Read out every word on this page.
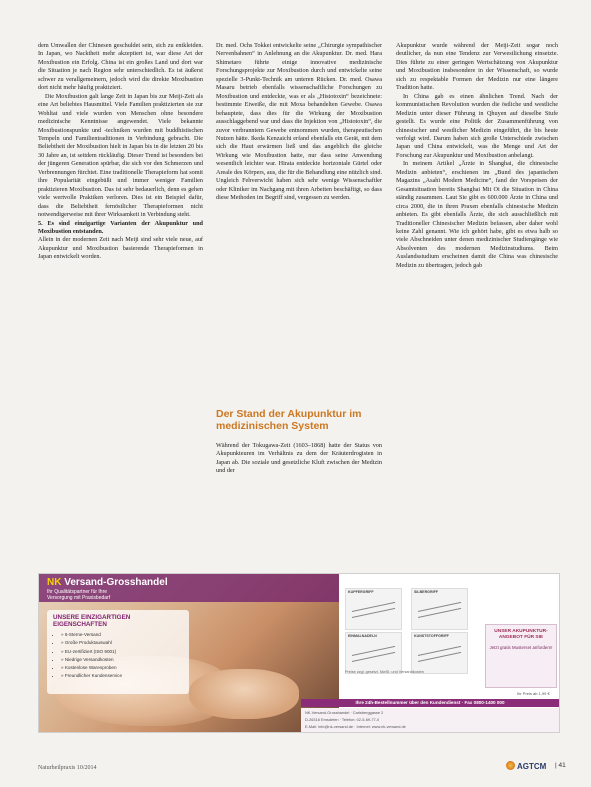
dem Umwallen der Chinesen geschuldet sein, sich zu entkleiden. In Japan, wo Nacktheit mehr akzeptiert ist, war diese Art der Moxibustion ein Erfolg. China ist ein großes Land und dort war die Situation je nach Region sehr unterschiedlich. Es ist äußerst schwer zu verallgemeinern, jedoch wird die direkte Moxibustion dort nicht mehr häufig praktiziert.

Die Moxibustion galt lange Zeit in Japan bis zur Meiji-Zeit als eine Art beliebtes Hausmittel. Viele Familien praktizierten sie zur Wohltat und viele wurden von Menschen ohne besondere medizinische Kenntnisse angewendet. Viele bekannte Moxibustionspunkte und -techniken wurden mit buddhistischen Tempeln und Familientraditionen in Verbindung gebracht. Die Beliebtheit der Moxibustion hielt in Japan bis in die letzten 20 bis 30 Jahre an, ist seitdem rückläufig. Dieser Trend ist besonders bei der jüngeren Generation spürbar, die sich vor den Schmerzen und Verbrennungen fürchtet. Eine traditionelle Therapieform hat somit ihre Popularität eingebüßt und immer weniger Familien praktizieren Moxibustion. Das ist sehr bedauerlich, denn es gehen viele wertvolle Praktiken verloren. Dies ist ein Beispiel dafür, dass die Beliebtheit fernöstlicher Therapieformen nicht notwendigerweise mit ihrer Wirksamkeit in Verbindung steht.

5. Es sind einzigartige Varianten der Akupunktur und Moxibustion entstanden.

Allein in der modernen Zeit nach Meiji sind sehr viele neue, auf Akupunktur und Moxibustion basierende Therapieformen in Japan entwickelt worden.

Dr. med. Ochs Tokkei entwickelte seine „Chirurgie sympathischer Nervenbahnen“ in Anlehnung an die Akupunktur. Dr. med. Hara Shimetaro führte einige innovative medizinische Forschungsprojekte zur Moxibustion durch und entwickelte seine spezielle 3-Punkt-Technik am unteren Rücken. Dr. med. Osawa Masaru betrieb ebenfalls wissenschaftliche Forschungen zu Moxibustion und entdeckte, was er als „Histotoxin“ bezeichnete: bestimmte Eiweiße, die mit Moxa behandelten Gewebe. Osawa behauptete, dass dies für die Wirkung der Moxibustion ausschlaggebend war und dass die Injektion von „Histotoxin“, die zuvor verbranntem Gewebe entnommen wurden, therapeutischen Nutzen hätte. Ikeda Kenzaichi erfand ebenfalls ein Gerät, mit dem sich die Haut erwärmen ließ und das angeblich die gleiche Wirkung wie Moxibustion hatte, nur dass seine Anwendung wesentlich leichter war. Hirata entdeckte horizontale Gürtel oder Areale des Körpers, aus, die für die Behandlung eine nützlich sind. Ungleich Fehverwicht haben sich sehr wenige Wissenschaftler oder Kliniker im Nachgang mit ihren Arbeiten beschäftigt, so dass diese Methoden im Begriff sind, vergessen zu werden.

Der Stand der Akupunktur im medizinischen System

Während der Tokugawa-Zeit (1603–1868) hatte der Status von Akupunkteuren im Verhältnis zu dem der Kräuterdrogisten in Japan ab. Die soziale und gesetzliche Kluft zwischen der Medizin und der

Akupunktur wurde während der Meiji-Zeit sogar noch deutlicher, da nun eine Tendenz zur Verwestlichung einsetzte. Dies führte zu einer geringen Wertschätzung von Akupunktur und Moxibustion insbesondere in der Wissenschaft, so wurde sich zu respektable Formen der Medizin nur eine längere Tradition hatte.

In China gab es einen ähnlichen Trend. Nach der kommunistischen Revolution wurden die östliche und westliche Medizin unter dieser Führung in Qhuyen auf dieselbe Stufe gestellt. Es wurde eine Politik der Zusammenführung von chinesischer und westlicher Medizin eingeführt, die bis heute verfolgt wird. Darum haben sich große Unterschiede zwischen Japan und China entwickelt, was die Menge und Art der Forschung zur Akupunktur und Moxibustion anbelangt.

In meinem Artikel „Ärzte in Shanghai, die chinesische Medizin anbieten“, erschienen im „Bund des japanischen Magazins „Asahi Modern Medicine“, fand der Vorspeisen der Gesamtsituation bereits Shanghai Mit Oi die Situation in China ständig zusammen. Laut Sie gibt es 600.000 Ärzte in China und circa 2000, die in ihren Praxen ebenfalls chinesische Medizin anbieten. Es gibt ebenfalls Ärzte, die sich ausschließlich mit Traditioneller Chinesischer Medizin befassen, aber daher wohl keine Zahl genannt. Wie ich gehört habe, gibt es etwa halb so viele Abschneiden unter denen medizinischer Studiengänge wie Absolventen des modernen Medizinstudiums. Beim Auslandsstudium erscheinen damit die China was chinesische Medizin zu übertragen, jedoch gab

NK Versand-Grosshandel
Ihr Qualitätspartner für Ihre
Versorgung mit Praxisbedarf
UNSERE EINZIGARTIGEN EIGENSCHAFTEN
• » 6-Sterne-Versand
• » Große Produktauswahl
• » EU-zertifiziert (ISO 9001)
• » Niedrige Versandkosten
• » Kostenlose Warenproben
• » Freundlicher Kundenservice
KUPFERGRIFF	SILBERGRIFF
EINMALNADELN	KUNSTSTOFFGRIFF
UNSER AKUPUNKTUR-ANGEBOT FÜR SIE
Jetzt gratis Musterset anfordern!
Preise zzgl. gesetzl. MwSt. und Versandkosten
Ihr Preis ab 1,99 €
Ihre 24h-Bestellnummer über den Kundendienst · Fax 0800-1400 000
NK-Versand-Grosshandel · Carlsberggasse 2
D-26316 Emsdeten · Telefon: 02-5-69-77-0
E-Mail: info@nk-versand.de · Internet: www.nk-versand.de
Naturheilpraxis 10/2014	AGTCM | 41
